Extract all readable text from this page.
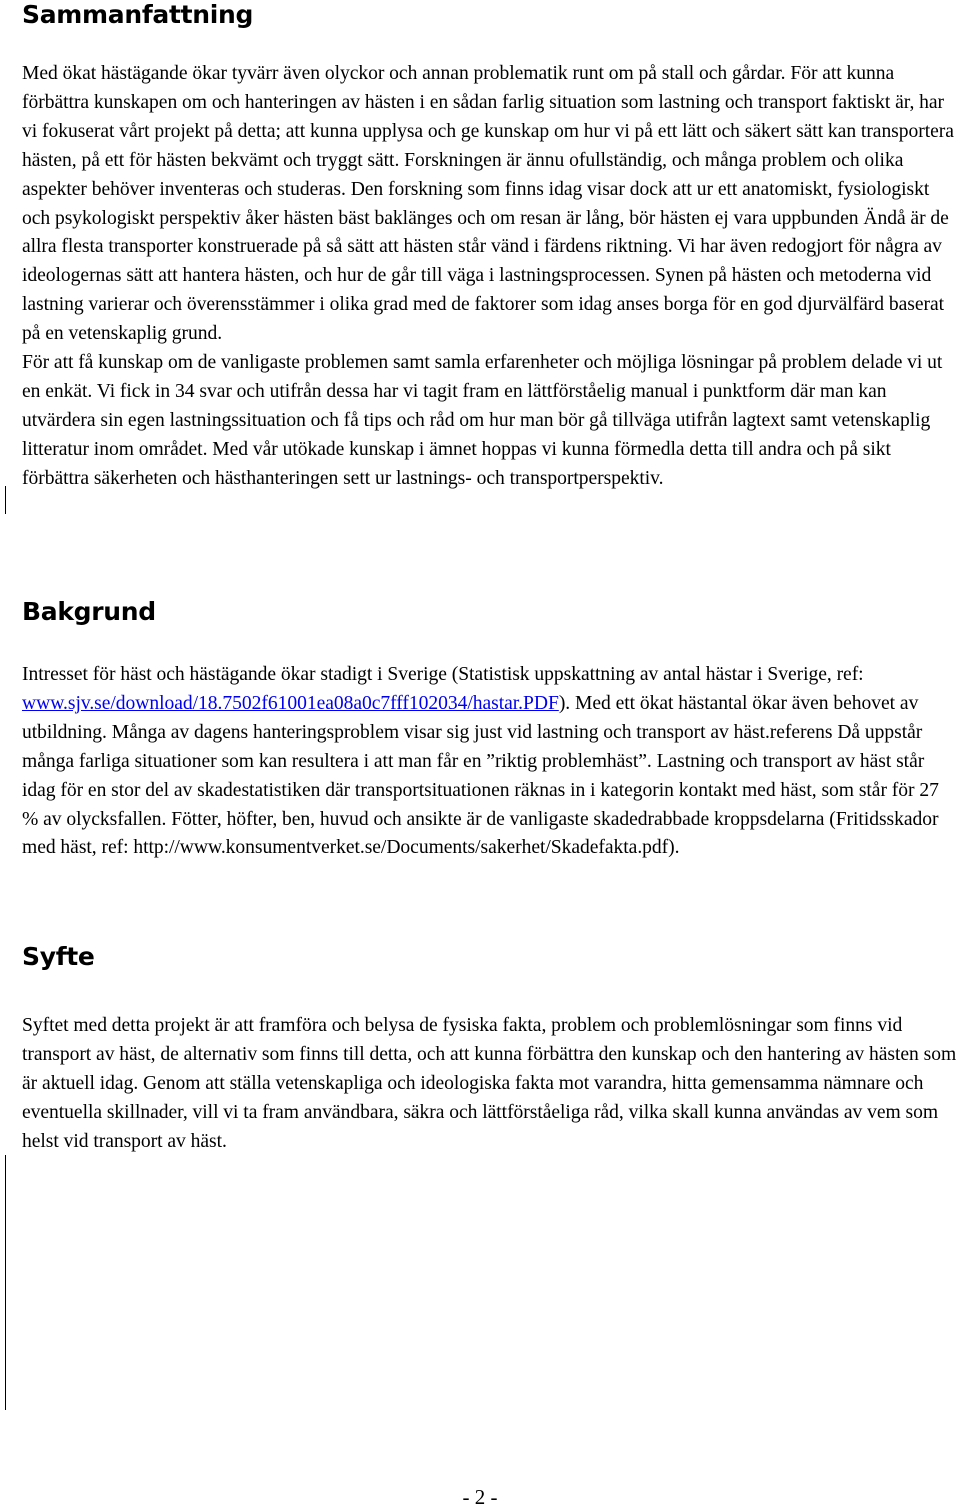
Sammanfattning

Med ökat hästägande ökar tyvärr även olyckor och annan problematik runt om på stall och gårdar. För att kunna förbättra kunskapen om och hanteringen av hästen i en sådan farlig situation som lastning och transport faktiskt är, har vi fokuserat vårt projekt på detta; att kunna upplysa och ge kunskap om hur vi på ett lätt och säkert sätt kan transportera hästen, på ett för hästen bekvämt och tryggt sätt. Forskningen är ännu ofullständig, och många problem och olika aspekter behöver inventeras och studeras. Den forskning som finns idag visar dock att ur ett anatomiskt, fysiologiskt och psykologiskt perspektiv åker hästen bäst baklänges och om resan är lång, bör hästen ej vara uppbunden Ändå är de allra flesta transporter konstruerade på så sätt att hästen står vänd i färdens riktning. Vi har även redogjort för några av ideologernas sätt att hantera hästen, och hur de går till väga i lastningsprocessen. Synen på hästen och metoderna vid lastning varierar och överensstämmer i olika grad med de faktorer som idag anses borga för en god djurvälfärd baserat på en vetenskaplig grund.

För att få kunskap om de vanligaste problemen samt samla erfarenheter och möjliga lösningar på problem delade vi ut en enkät. Vi fick in 34 svar och utifrån dessa har vi tagit fram en lättförståelig manual i punktform där man kan utvärdera sin egen lastningssituation och få tips och råd om hur man bör gå tillväga utifrån lagtext samt vetenskaplig litteratur inom området. Med vår utökade kunskap i ämnet hoppas vi kunna förmedla detta till andra och på sikt förbättra säkerheten och hästhanteringen sett ur lastnings- och transportperspektiv.

Bakgrund

Intresset för häst och hästägande ökar stadigt i Sverige (Statistisk uppskattning av antal hästar i Sverige, ref: www.sjv.se/download/18.7502f61001ea08a0c7fff102034/hastar.PDF). Med ett ökat hästantal ökar även behovet av utbildning. Många av dagens hanteringsproblem visar sig just vid lastning och transport av häst.referens Då uppstår många farliga situationer som kan resultera i att man får en ”riktig problemhäst”. Lastning och transport av häst står idag för en stor del av skadestatistiken där transportsituationen räknas in i kategorin kontakt med häst, som står för 27 % av olycksfallen. Fötter, höfter, ben, huvud och ansikte är de vanligaste skadedrabbade kroppsdelarna (Fritidsskador med häst, ref: http://www.konsumentverket.se/Documents/sakerhet/Skadefakta.pdf).

Syfte

Syftet med detta projekt är att framföra och belysa de fysiska fakta, problem och problemlösningar som finns vid transport av häst, de alternativ som finns till detta, och att kunna förbättra den kunskap och den hantering av hästen som är aktuell idag. Genom att ställa vetenskapliga och ideologiska fakta mot varandra, hitta gemensamma nämnare och eventuella skillnader, vill vi ta fram användbara, säkra och lättförståeliga råd, vilka skall kunna användas av vem som helst vid transport av häst.

- 2 -
